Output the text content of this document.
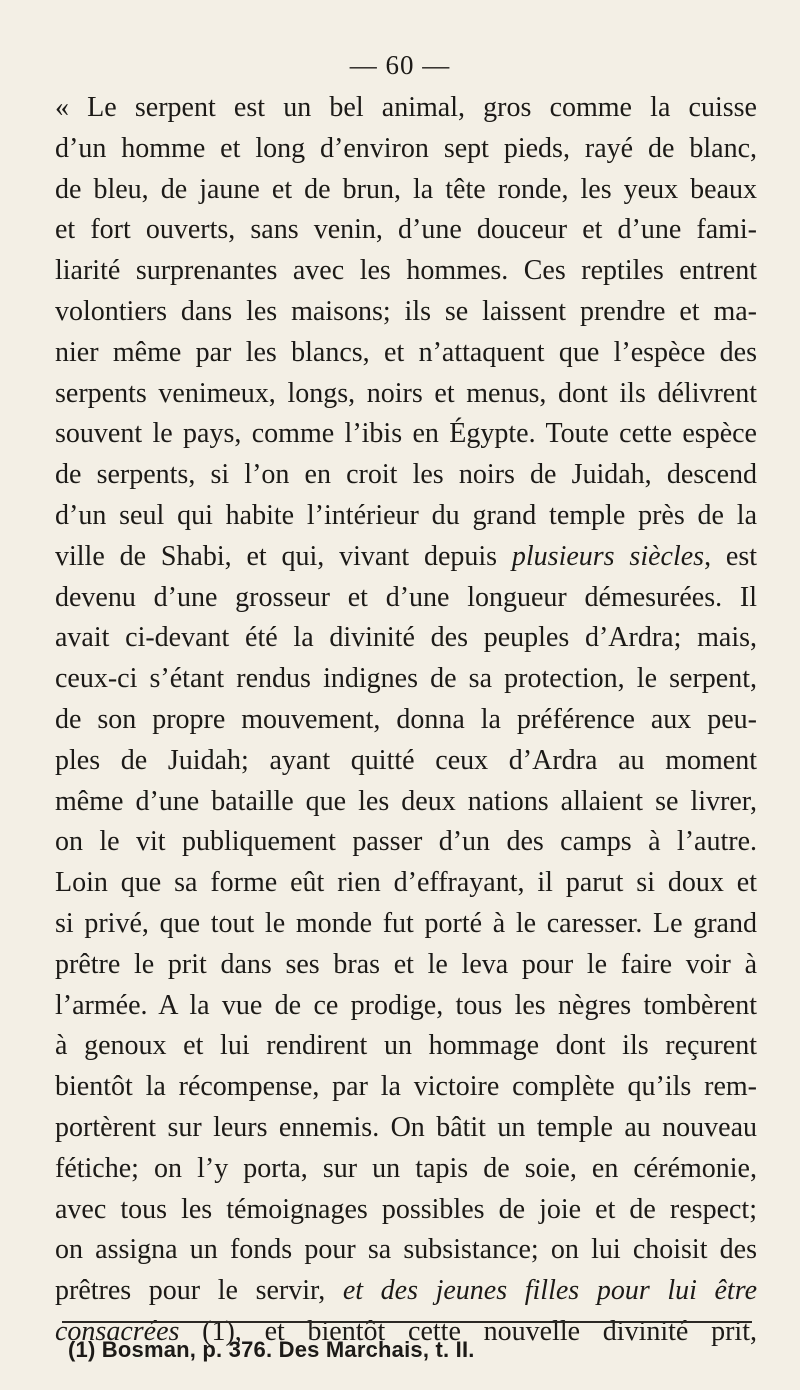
— 60 —
« Le serpent est un bel animal, gros comme la cuisse
d’un homme et long d’environ sept pieds, rayé de blanc,
de bleu, de jaune et de brun, la tête ronde, les yeux beaux
et fort ouverts, sans venin, d’une douceur et d’une fami-
liarité surprenantes avec les hommes. Ces reptiles entrent
volontiers dans les maisons; ils se laissent prendre et ma-
nier même par les blancs, et n’attaquent que l’espèce des
serpents venimeux, longs, noirs et menus, dont ils délivrent
souvent le pays, comme l’ibis en Égypte. Toute cette espèce
de serpents, si l’on en croit les noirs de Juidah, descend
d’un seul qui habite l’intérieur du grand temple près de la
ville de Shabi, et qui, vivant depuis plusieurs siècles, est
devenu d’une grosseur et d’une longueur démesurées. Il
avait ci-devant été la divinité des peuples d’Ardra; mais,
ceux-ci s’étant rendus indignes de sa protection, le serpent,
de son propre mouvement, donna la préférence aux peu-
ples de Juidah; ayant quitté ceux d’Ardra au moment
même d’une bataille que les deux nations allaient se livrer,
on le vit publiquement passer d’un des camps à l’autre.
Loin que sa forme eût rien d’effrayant, il parut si doux et
si privé, que tout le monde fut porté à le caresser. Le grand
prêtre le prit dans ses bras et le leva pour le faire voir à
l’armée. A la vue de ce prodige, tous les nègres tombèrent
à genoux et lui rendirent un hommage dont ils reçurent
bientôt la récompense, par la victoire complète qu’ils rem-
portèrent sur leurs ennemis. On bâtit un temple au nouveau
fétiche; on l’y porta, sur un tapis de soie, en cérémonie,
avec tous les témoignages possibles de joie et de respect;
on assigna un fonds pour sa subsistance; on lui choisit des
prêtres pour le servir, et des jeunes filles pour lui être
consacrées (1), et bientôt cette nouvelle divinité prit,
(1) Bosman, p. 376. Des Marchais, t. II.
